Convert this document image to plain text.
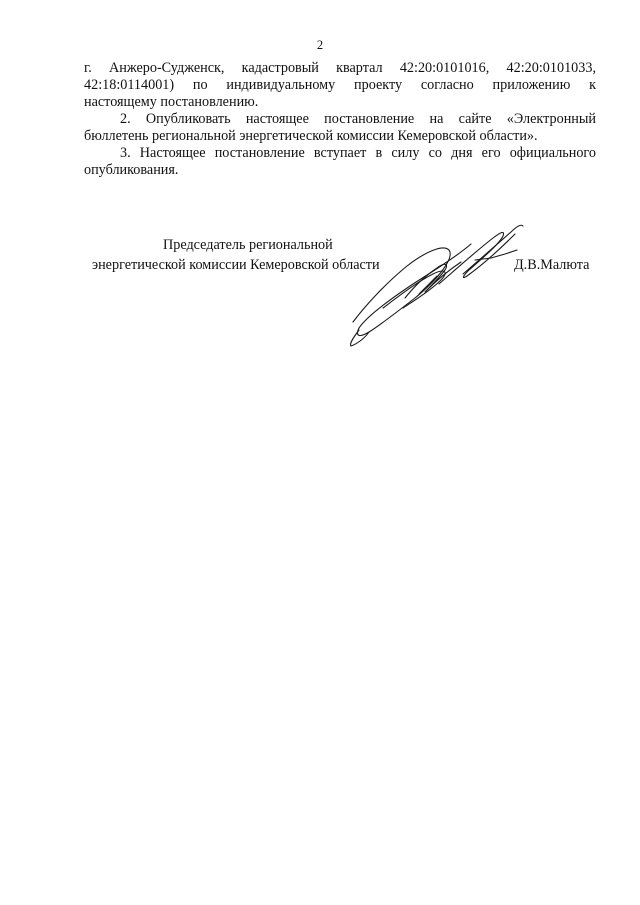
2

г. Анжеро-Судженск, кадастровый квартал 42:20:0101016, 42:20:0101033,
42:18:0114001) по индивидуальному проекту согласно приложению к
настоящему постановлению.

2. Опубликовать настоящее постановление на сайте «Электронный
бюллетень региональной энергетической комиссии Кемеровской области».

3. Настоящее постановление вступает в силу со дня его официального
опубликования.

Председатель региональной
энергетической комиссии Кемеровской области	Д.В.Малюта
